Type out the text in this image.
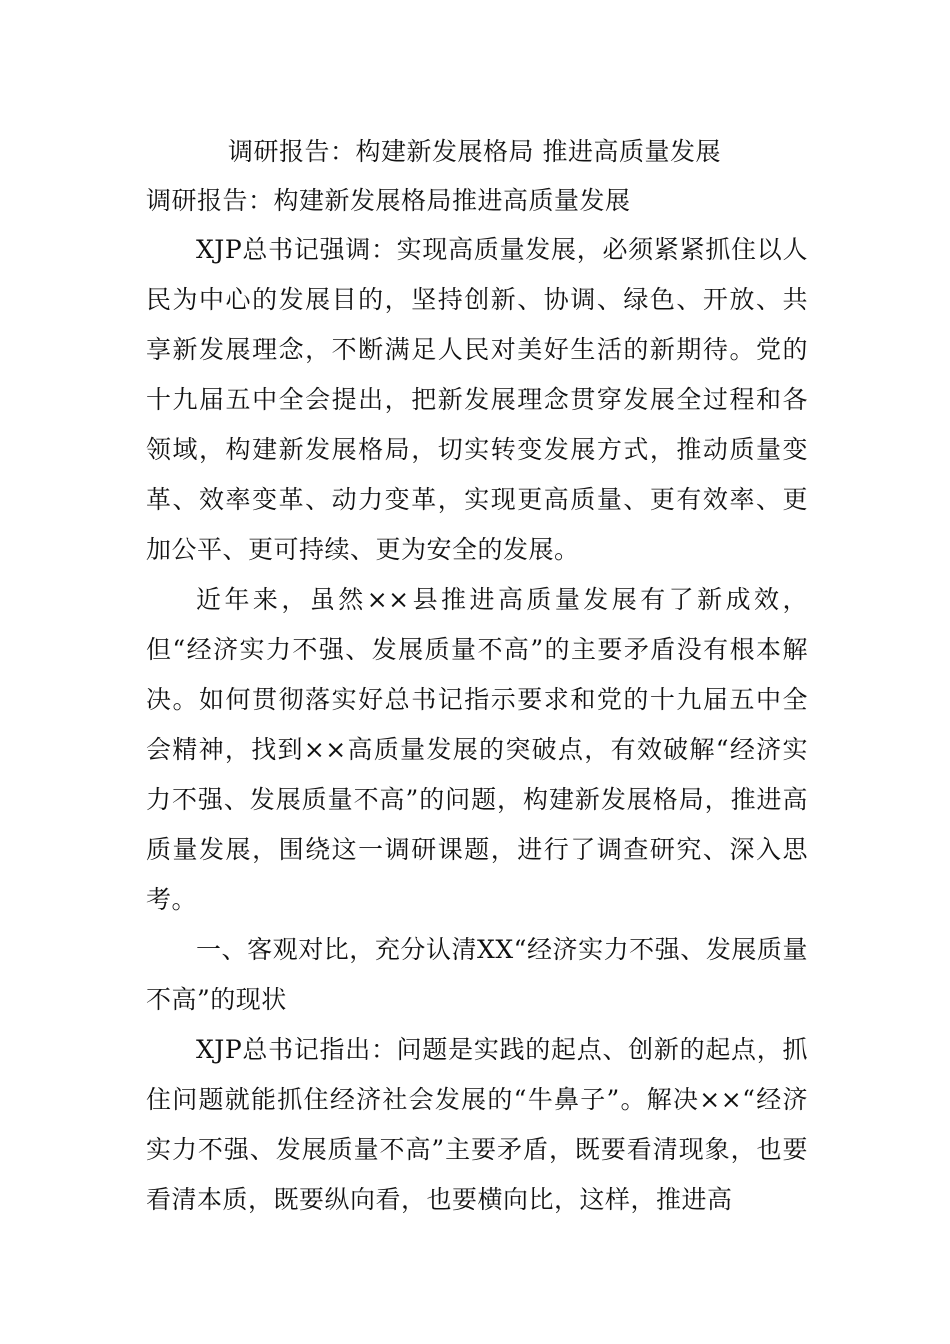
调研报告：构建新发展格局 推进高质量发展
调研报告：构建新发展格局推进高质量发展

XJP总书记强调：实现高质量发展，必须紧紧抓住以人民为中心的发展目的，坚持创新、协调、绿色、开放、共享新发展理念，不断满足人民对美好生活的新期待。党的十九届五中全会提出，把新发展理念贯穿发展全过程和各领域，构建新发展格局，切实转变发展方式，推动质量变革、效率变革、动力变革，实现更高质量、更有效率、更加公平、更可持续、更为安全的发展。

近年来，虽然××县推进高质量发展有了新成效，但“经济实力不强、发展质量不高”的主要矛盾没有根本解决。如何贯彻落实好总书记指示要求和党的十九届五中全会精神，找到××高质量发展的突破点，有效破解“经济实力不强、发展质量不高”的问题，构建新发展格局，推进高质量发展，围绕这一调研课题，进行了调查研究、深入思考。

一、客观对比，充分认清XX“经济实力不强、发展质量不高”的现状

XJP总书记指出：问题是实践的起点、创新的起点，抓住问题就能抓住经济社会发展的“牛鼻子”。解决××“经济实力不强、发展质量不高”主要矛盾，既要看清现象，也要看清本质，既要纵向看，也要横向比，这样，推进高
